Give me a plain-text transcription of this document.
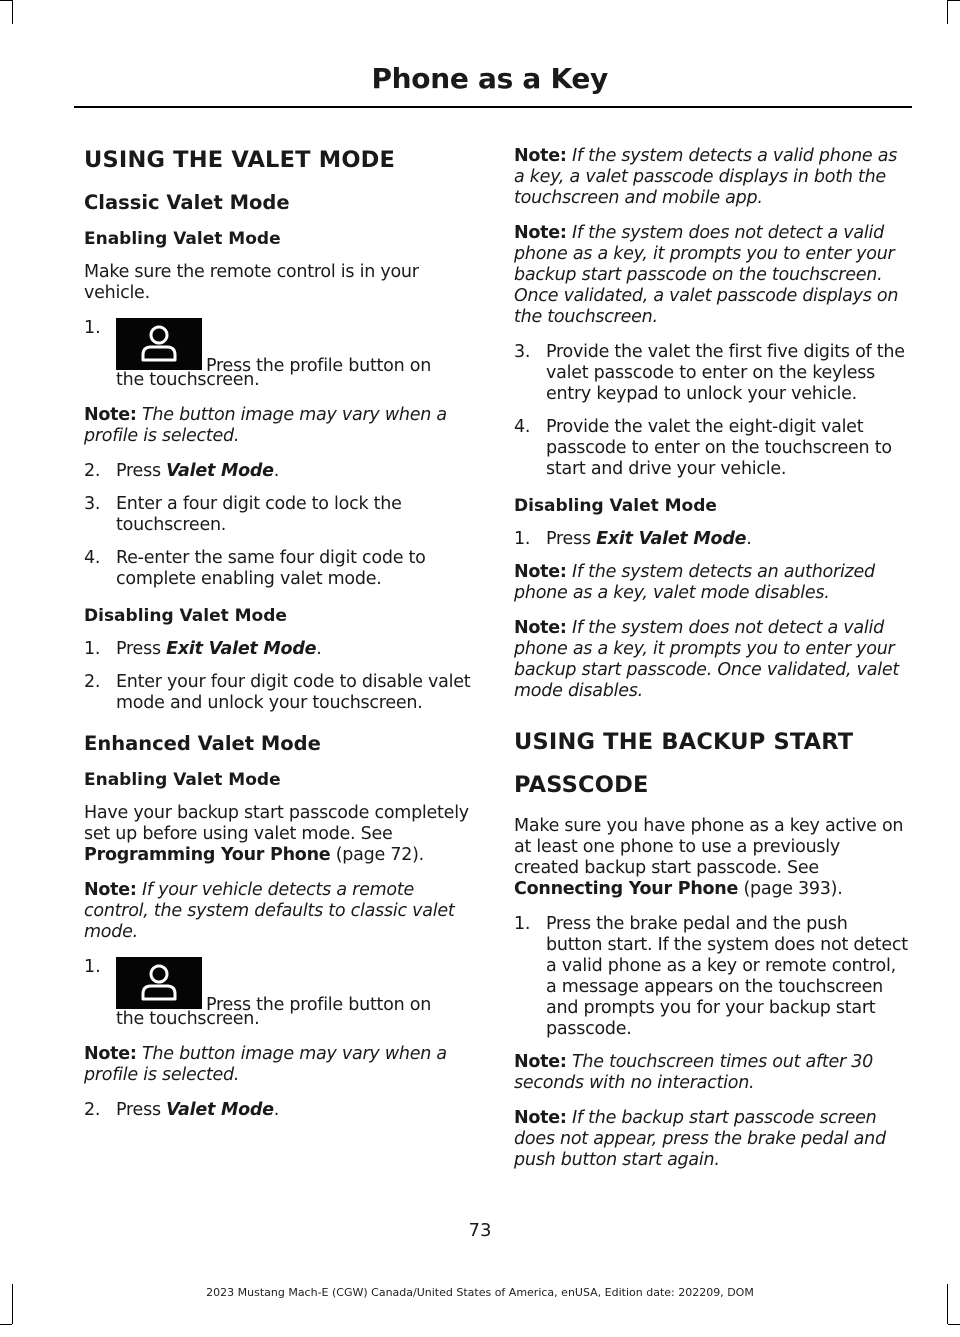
Phone as a Key
USING THE VALET MODE
Classic Valet Mode
Enabling Valet Mode

Make sure the remote control is in your vehicle.

1.
Press the profile button on
the touchscreen.

Note: The button image may vary when a profile is selected.

2. Press Valet Mode.
3. Enter a four digit code to lock the touchscreen.
4. Re-enter the same four digit code to complete enabling valet mode.
Disabling Valet Mode
1. Press Exit Valet Mode.
2. Enter your four digit code to disable valet mode and unlock your touchscreen.
Enhanced Valet Mode
Enabling Valet Mode

Have your backup start passcode completely set up before using valet mode. See Programming Your Phone (page 72).

Note: If your vehicle detects a remote control, the system defaults to classic valet mode.

1.
Press the profile button on
the touchscreen.

Note: The button image may vary when a profile is selected.

2. Press Valet Mode.

Note: If the system detects a valid phone as a key, a valet passcode displays in both the touchscreen and mobile app.

Note: If the system does not detect a valid phone as a key, it prompts you to enter your backup start passcode on the touchscreen. Once validated, a valet passcode displays on the touchscreen.

3. Provide the valet the first five digits of the valet passcode to enter on the keyless entry keypad to unlock your vehicle.
4. Provide the valet the eight-digit valet passcode to enter on the touchscreen to start and drive your vehicle.
Disabling Valet Mode
1. Press Exit Valet Mode.

Note: If the system detects an authorized phone as a key, valet mode disables.

Note: If the system does not detect a valid phone as a key, it prompts you to enter your backup start passcode. Once validated, valet mode disables.

USING THE BACKUP START
PASSCODE

Make sure you have phone as a key active on at least one phone to use a previously created backup start passcode. See Connecting Your Phone (page 393).

1. Press the brake pedal and the push button start. If the system does not detect a valid phone as a key or remote control, a message appears on the touchscreen and prompts you for your backup start passcode.

Note: The touchscreen times out after 30 seconds with no interaction.

Note: If the backup start passcode screen does not appear, press the brake pedal and push button start again.

73
2023 Mustang Mach-E (CGW) Canada/United States of America, enUSA, Edition date: 202209, DOM
